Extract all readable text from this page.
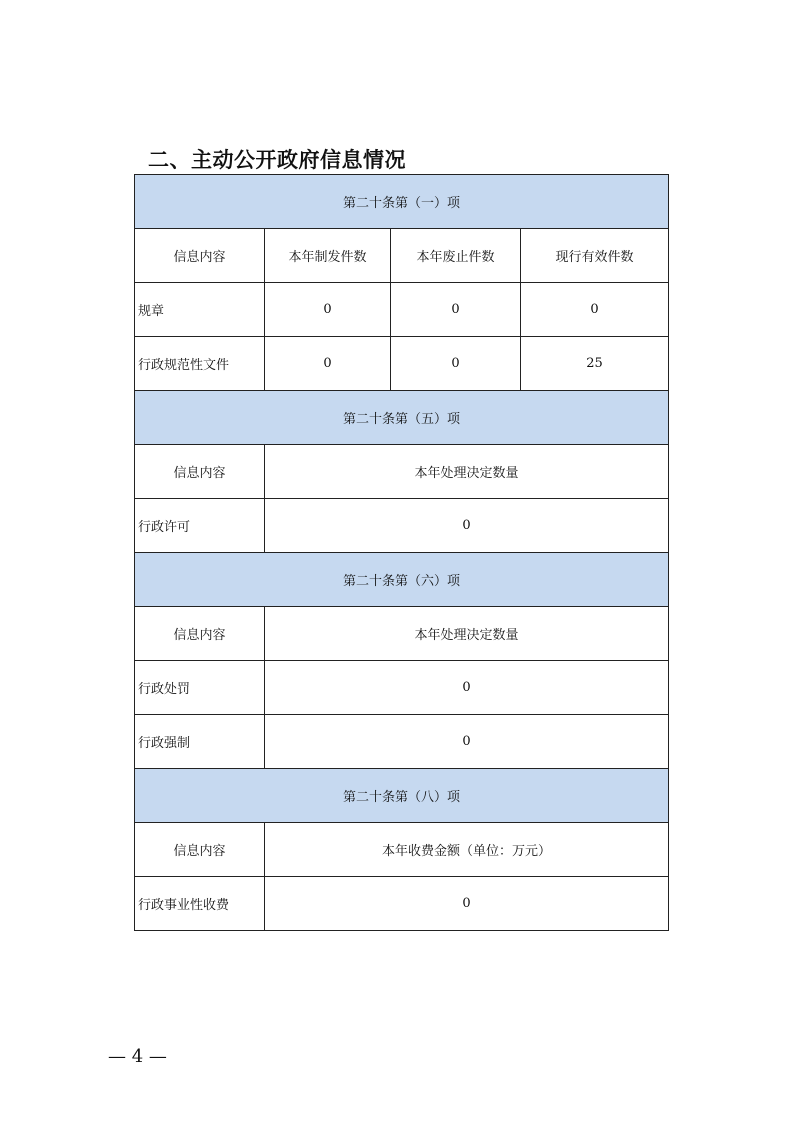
二、主动公开政府信息情况
第二十条第（一）项			
信息内容	本年制发件数	本年废止件数	现行有效件数
规章	0	0	0
行政规范性文件	0	0	25
第二十条第（五）项			
信息内容	本年处理决定数量		
行政许可	0		
第二十条第（六）项			
信息内容	本年处理决定数量		
行政处罚	0		
行政强制	0		
第二十条第（八）项			
信息内容	本年收费金额（单位：万元）		
行政事业性收费	0		
— 4 —
